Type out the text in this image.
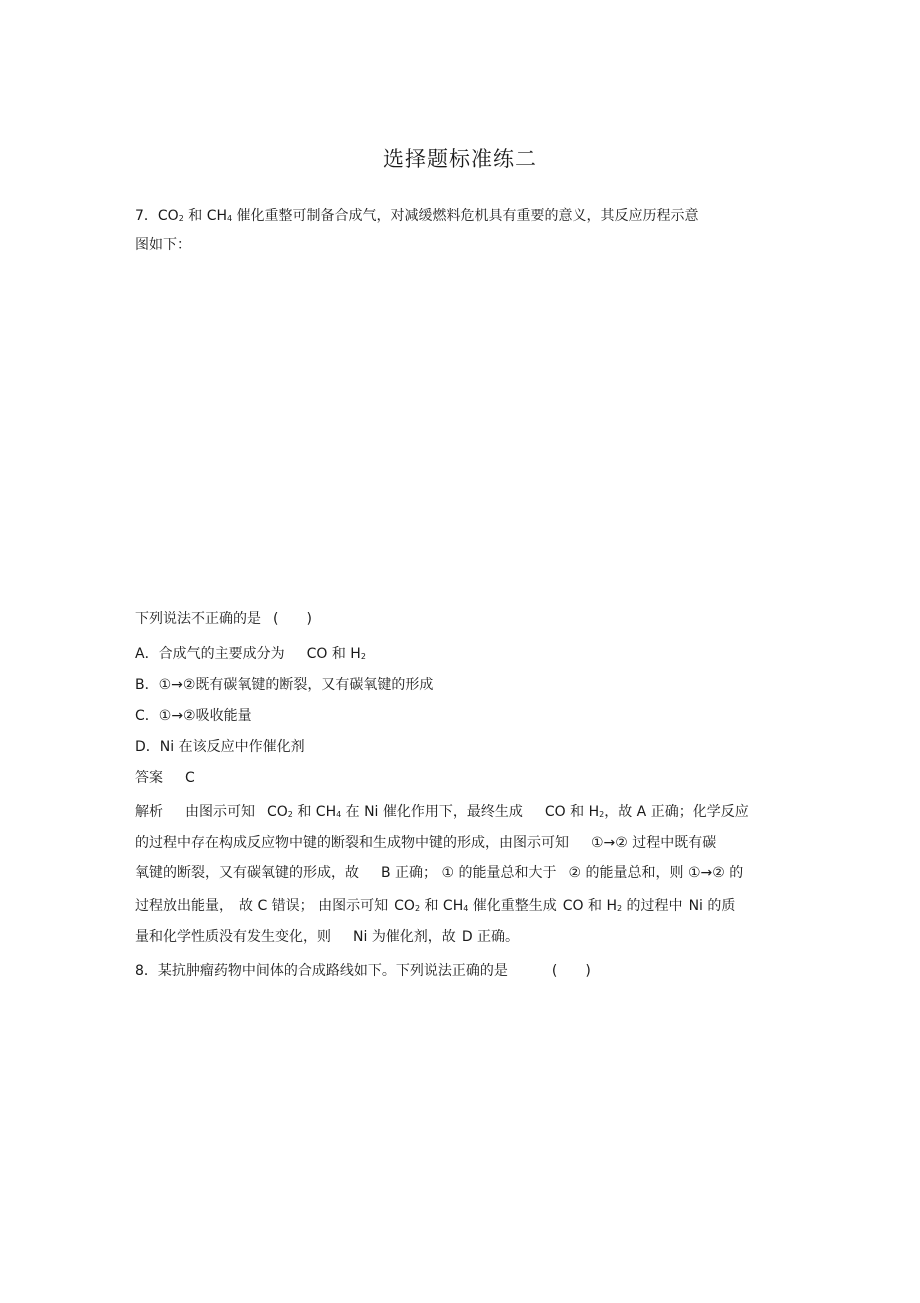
选择题标准练二
7．$CO_2$ 和 $CH_4$ 催化重整可制备合成气，对减缓燃料危机具有重要的意义，其反应历程示意
图如下：
下列说法不正确的是 (　　)
A．合成气的主要成分为 CO 和 $H_2$
B．①→②既有碳氧键的断裂，又有碳氧键的形成
C．①→②吸收能量
D．Ni 在该反应中作催化剂
答案 C
解析 由图示可知 $CO_2$ 和 $CH_4$ 在 Ni 催化作用下，最终生成 CO 和 $H_2$，故 A 正确；化学反应
的过程中存在构成反应物中键的断裂和生成物中键的形成，由图示可知 ①→② 过程中既有碳
氧键的断裂，又有碳氧键的形成，故 B 正确； ① 的能量总和大于 ② 的能量总和，则 ①→② 的
过程放出能量， 故 C 错误； 由图示可知 $CO_2$ 和 $CH_4$ 催化重整生成 CO 和 $H_2$ 的过程中 Ni 的质
量和化学性质没有发生变化，则 Ni 为催化剂，故 D 正确。
8．某抗肿瘤药物中间体的合成路线如下。下列说法正确的是	(　　)
